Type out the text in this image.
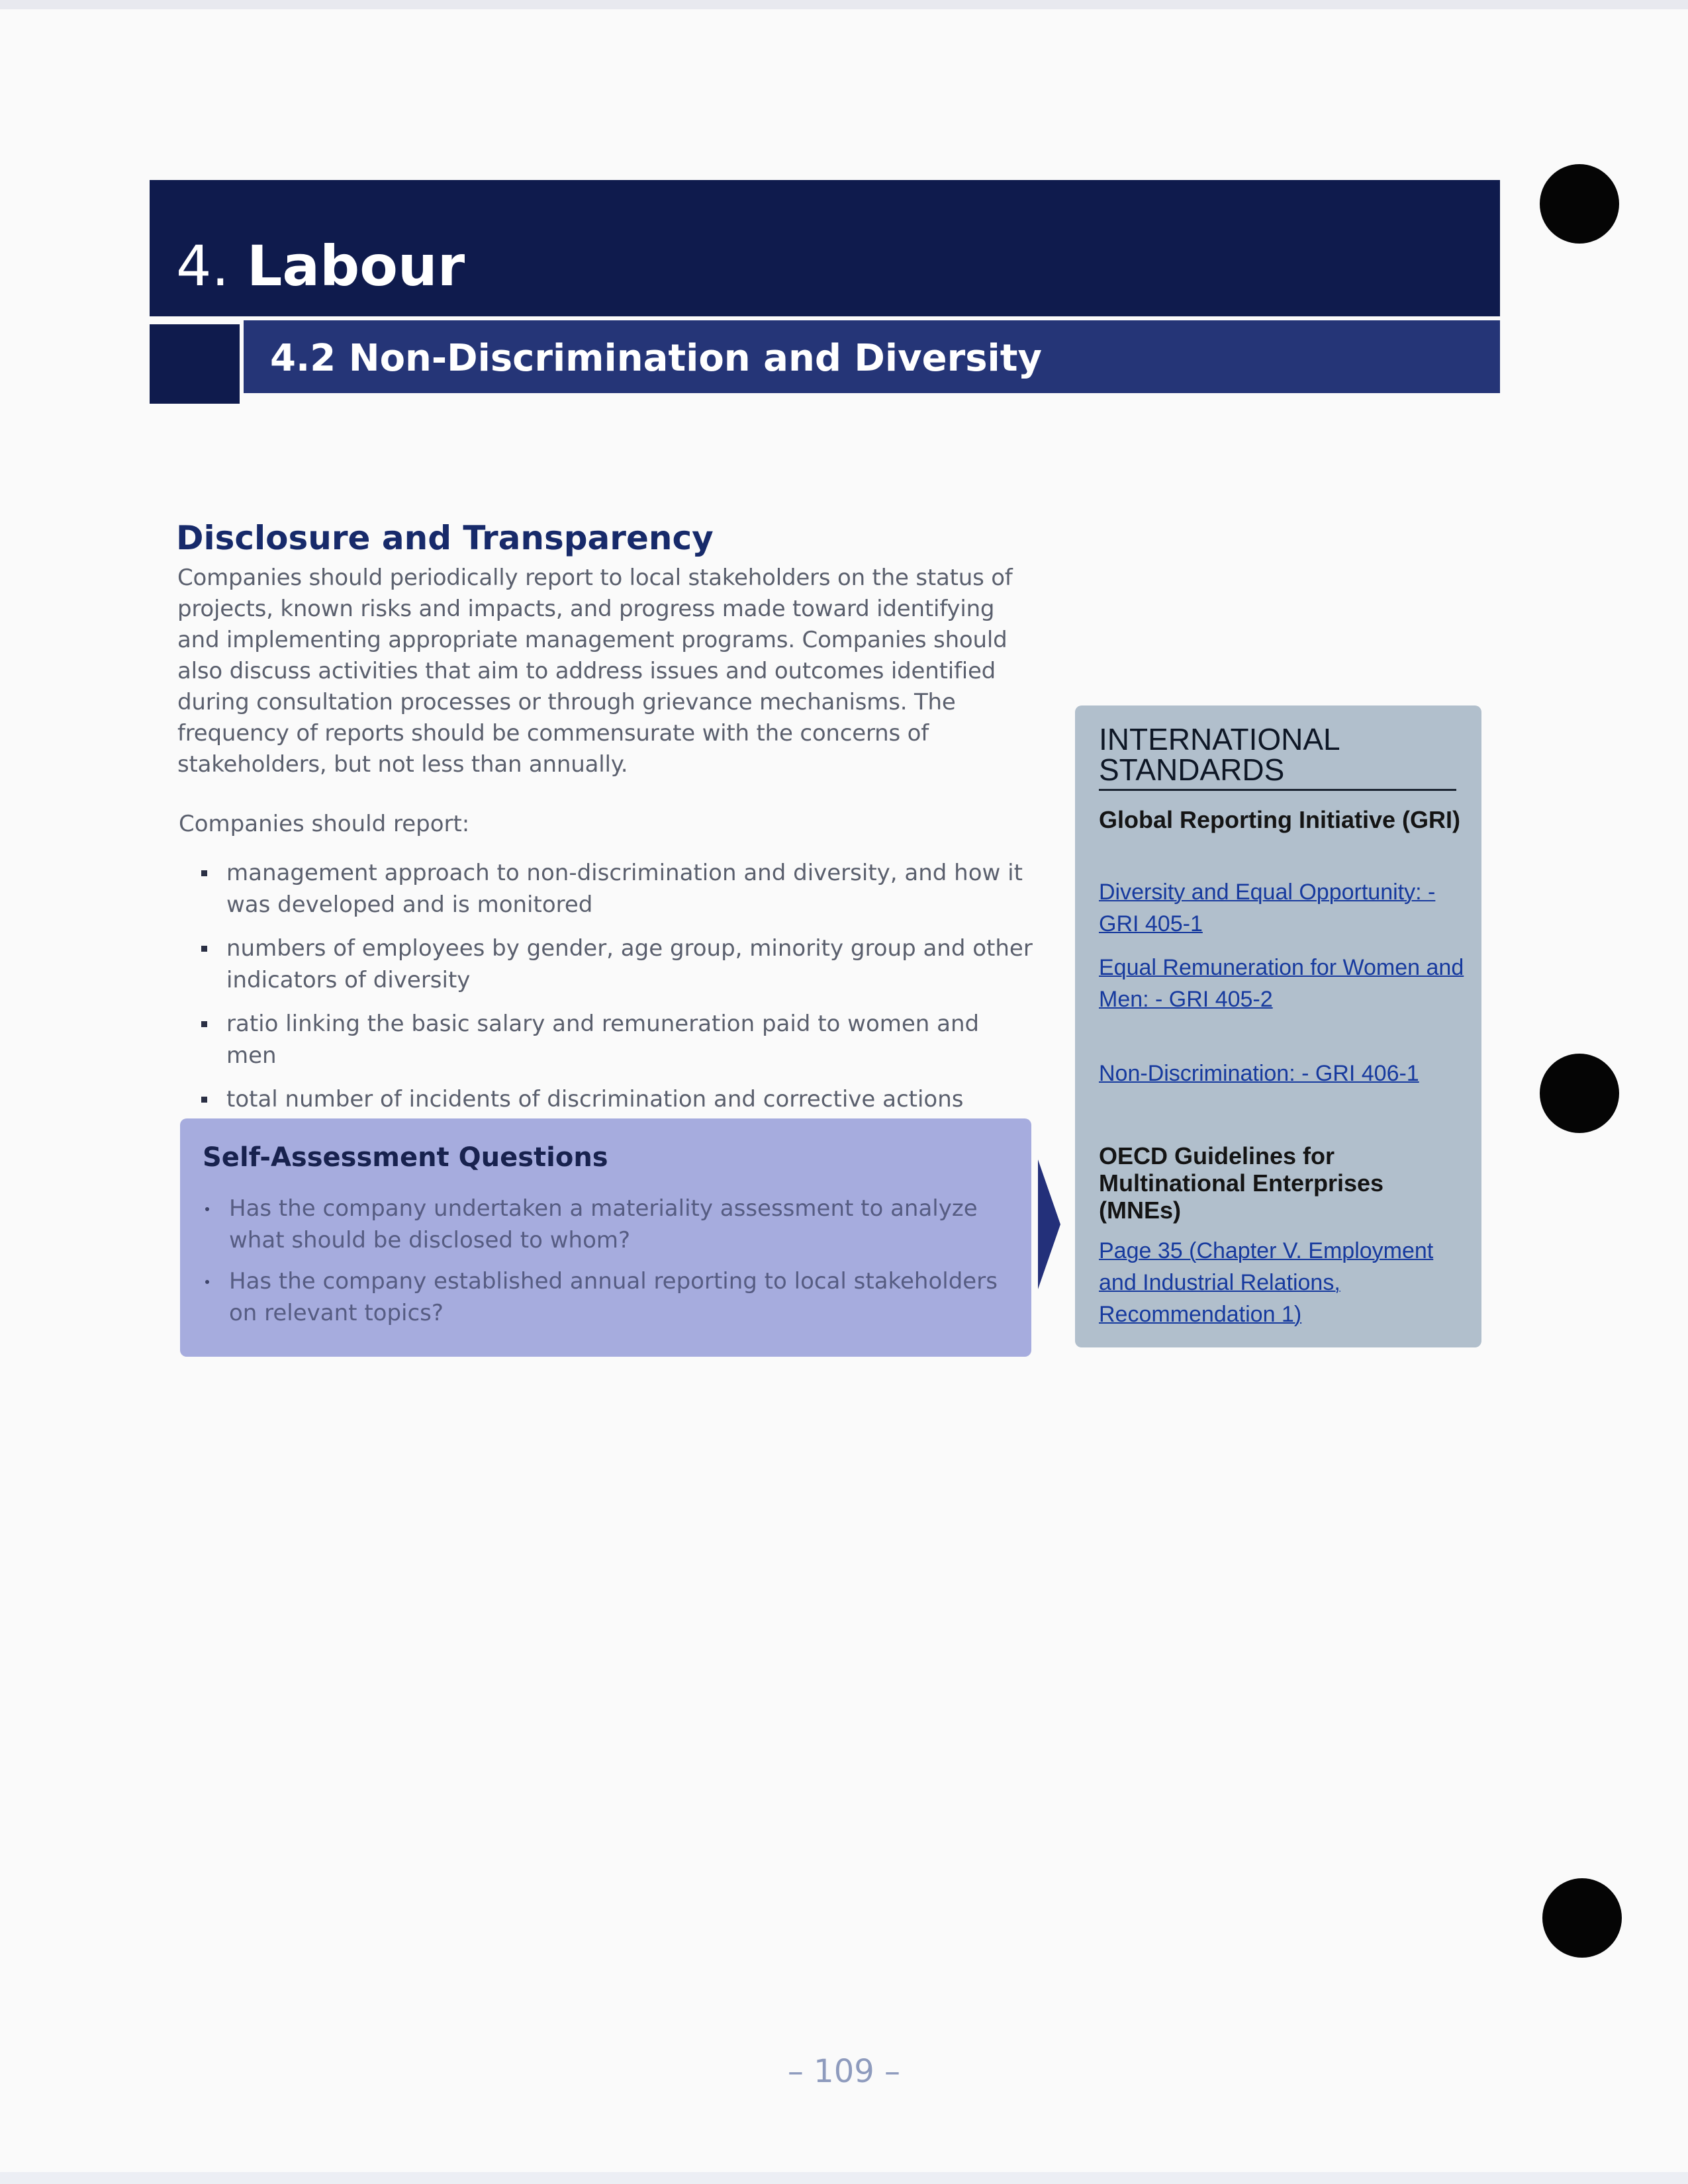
4. Labour
4.2 Non-Discrimination and Diversity
Disclosure and Transparency
Companies should periodically report to local stakeholders on the status of projects, known risks and impacts, and progress made toward identifying and implementing appropriate management programs. Companies should also discuss activities that aim to address issues and outcomes identified during consultation processes or through grievance mechanisms. The frequency of reports should be commensurate with the concerns of stakeholders, but not less than annually.
Companies should report:
management approach to non-discrimination and diversity, and how it was developed and is monitored
numbers of employees by gender, age group, minority group and other indicators of diversity
ratio linking the basic salary and remuneration paid to women and men
total number of incidents of discrimination and corrective actions
Self-Assessment Questions
Has the company undertaken a materiality assessment to analyze what should be disclosed to whom?
Has the company established annual reporting to local stakeholders on relevant topics?
INTERNATIONAL STANDARDS
Global Reporting Initiative (GRI)
Diversity and Equal Opportunity: - GRI 405-1
Equal Remuneration for Women and Men: - GRI 405-2
Non-Discrimination: - GRI 406-1
OECD Guidelines for Multinational Enterprises (MNEs)
Page 35 (Chapter V. Employment and Industrial Relations, Recommendation 1)
– 109 –
